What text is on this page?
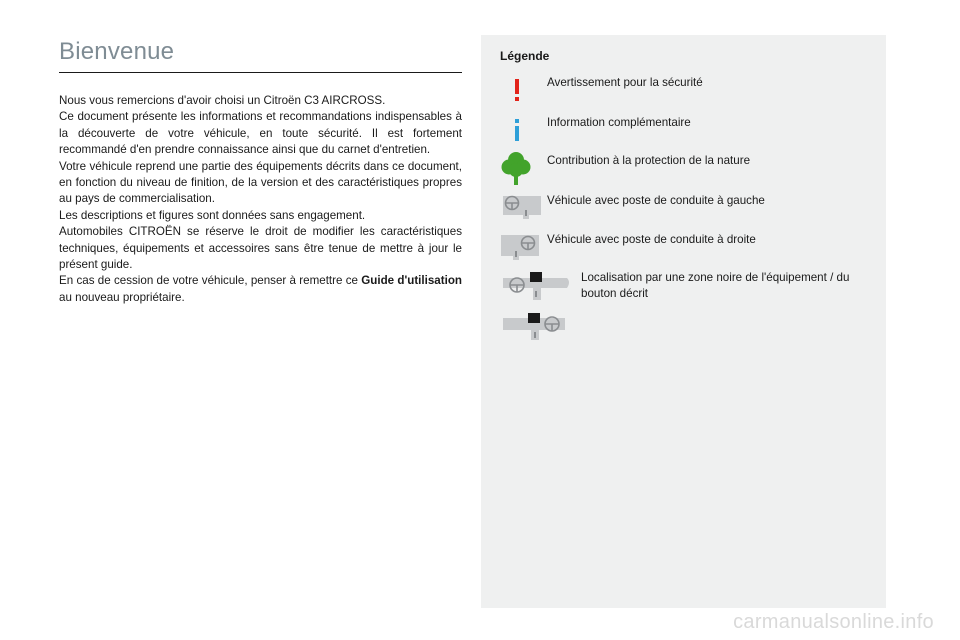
Bienvenue

Nous vous remercions d'avoir choisi un Citroën C3 AIRCROSS.

Ce document présente les informations et recommandations indispensables à la découverte de votre véhicule, en toute sécurité. Il est fortement recommandé d'en prendre connaissance ainsi que du carnet d'entretien.

Votre véhicule reprend une partie des équipements décrits dans ce document, en fonction du niveau de finition, de la version et des caractéristiques propres au pays de commercialisation.

Les descriptions et figures sont données sans engagement.

Automobiles CITROËN se réserve le droit de modifier les caractéristiques techniques, équipements et accessoires sans être tenue de mettre à jour le présent guide.

En cas de cession de votre véhicule, penser à remettre ce Guide d'utilisation au nouveau propriétaire.

Légende
Avertissement pour la sécurité
Information complémentaire
Contribution à la protection de la nature
Véhicule avec poste de conduite à gauche
Véhicule avec poste de conduite à droite
Localisation par une zone noire de l'équipement / du bouton décrit
carmanualsonline.info
